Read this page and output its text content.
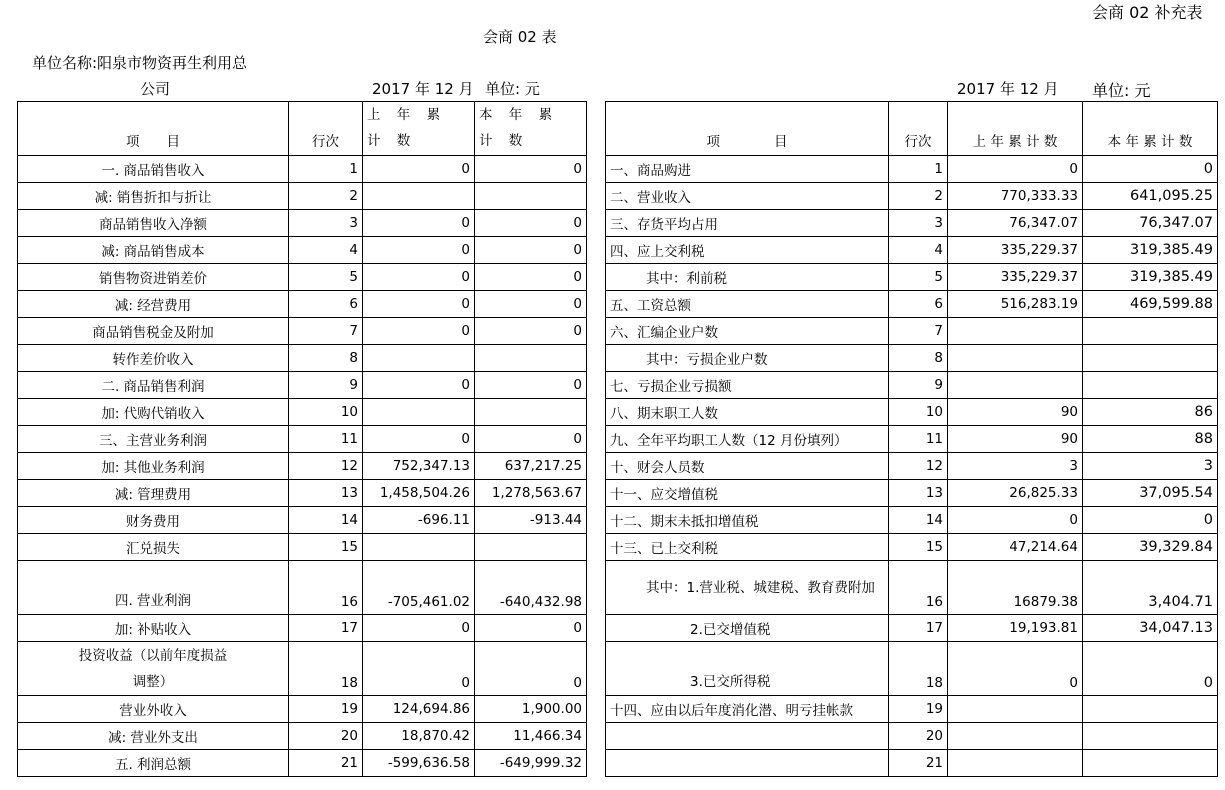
会商 02 表
会商 02 补充表
单位名称:阳泉市物资再生利用总
公司	2017 年 12 月 单位: 元	2017 年 12 月 单位: 元
项　　目	行次	上 年 累 计 数	本 年 累 计 数
一. 商品销售收入	1	0	0
减: 销售折扣与折让	2		
商品销售收入净额	3	0	0
减: 商品销售成本	4	0	0
销售物资进销差价	5	0	0
减: 经营费用	6	0	0
商品销售税金及附加	7	0	0
转作差价收入	8		
二. 商品销售利润	9	0	0
加: 代购代销收入	10		
三、主营业务利润	11	0	0
加: 其他业务利润	12	752,347.13	637,217.25
减: 管理费用	13	1,458,504.26	1,278,563.67
财务费用	14	-696.11	-913.44
汇兑损失	15		
四. 营业利润	16	-705,461.02	-640,432.98
加: 补贴收入	17	0	0
投资收益（以前年度损益调整）	18	0	0
营业外收入	19	124,694.86	1,900.00
减: 营业外支出	20	18,870.42	11,466.34
五. 利润总额	21	-599,636.58	-649,999.32
项　　　　目	行次	上 年 累 计 数	本 年 累 计 数
一、商品购进	1	0	0
二、营业收入	2	770,333.33	641,095.25
三、存货平均占用	3	76,347.07	76,347.07
四、应上交利税	4	335,229.37	319,385.49
其中：利前税	5	335,229.37	319,385.49
五、工资总额	6	516,283.19	469,599.88
六、汇编企业户数	7		
其中：亏损企业户数	8		
七、亏损企业亏损额	9		
八、期末职工人数	10	90	86
九、全年平均职工人数（12 月份填列）	11	90	88
十、财会人员数	12	3	3
十一、应交增值税	13	26,825.33	37,095.54
十二、期末未抵扣增值税	14	0	0
十三、已上交利税	15	47,214.64	39,329.84
其中：1.营业税、城建税、教育费附加	16	16879.38	3,404.71
2.已交增值税	17	19,193.81	34,047.13
3.已交所得税	18	0	0
十四、应由以后年度消化潜、明亏挂帐款	19		
	20		
	21		
